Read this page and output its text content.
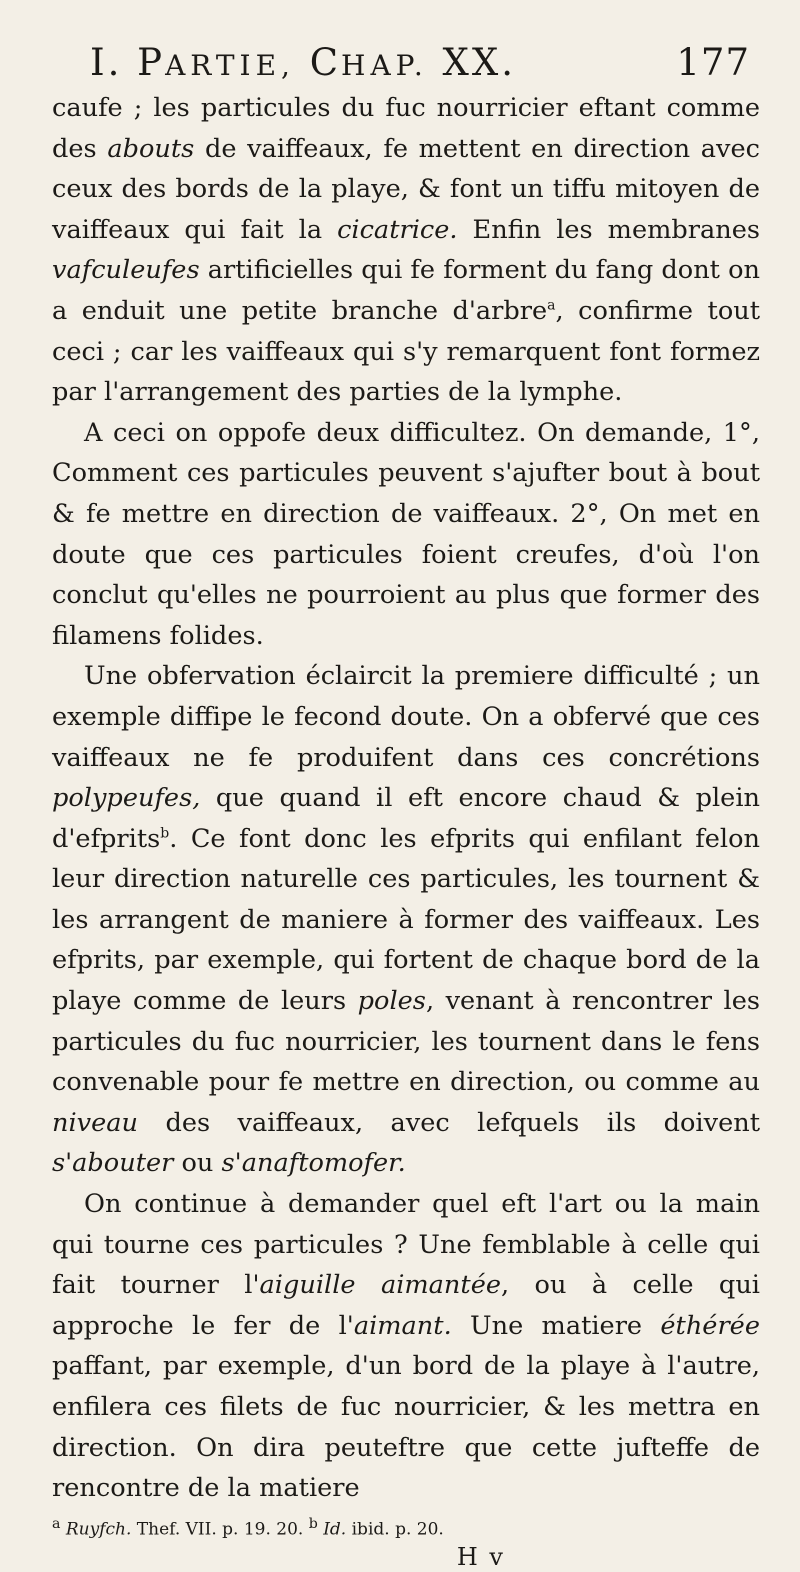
I. PARTIE, CHAP. XX.	177

caufe ; les particules du fuc nourricier eftant comme des abouts de vaiffeaux, fe mettent en direction avec ceux des bords de la playe, & font un tiffu mitoyen de vaiffeaux qui fait la cicatrice. Enfin les membranes vafculeufes artificielles qui fe forment du fang dont on a enduit une petite branche d'arbre$^a$, confirme tout ceci ; car les vaiffeaux qui s'y remarquent font formez par l'arrangement des parties de la lymphe.

A ceci on oppofe deux difficultez. On demande, 1°, Comment ces particules peuvent s'ajufter bout à bout & fe mettre en direction de vaiffeaux. 2°, On met en doute que ces particules foient creufes, d'où l'on conclut qu'elles ne pourroient au plus que former des filamens folides.

Une obfervation éclaircit la premiere difficulté ; un exemple diffipe le fecond doute. On a obfervé que ces vaiffeaux ne fe produifent dans ces concrétions polypeufes, que quand il eft encore chaud & plein d'efprits$^b$. Ce font donc les efprits qui enfilant felon leur direction naturelle ces particules, les tournent & les arrangent de maniere à former des vaiffeaux. Les efprits, par exemple, qui fortent de chaque bord de la playe comme de leurs poles, venant à rencontrer les particules du fuc nourricier, les tournent dans le fens convenable pour fe mettre en direction, ou comme au niveau des vaiffeaux, avec lefquels ils doivent s'abouter ou s'anaftomofer.

On continue à demander quel eft l'art ou la main qui tourne ces particules ? Une femblable à celle qui fait tourner l'aiguille aimantée, ou à celle qui approche le fer de l'aimant. Une matiere éthérée paffant, par exemple, d'un bord de la playe à l'autre, enfilera ces filets de fuc nourricier, & les mettra en direction. On dira peuteftre que cette jufteffe de rencontre de la matiere

$^a$ Ruyfch. Thef. VII. p. 19. 20. $^b$ Id. ibid. p. 20.
H v
